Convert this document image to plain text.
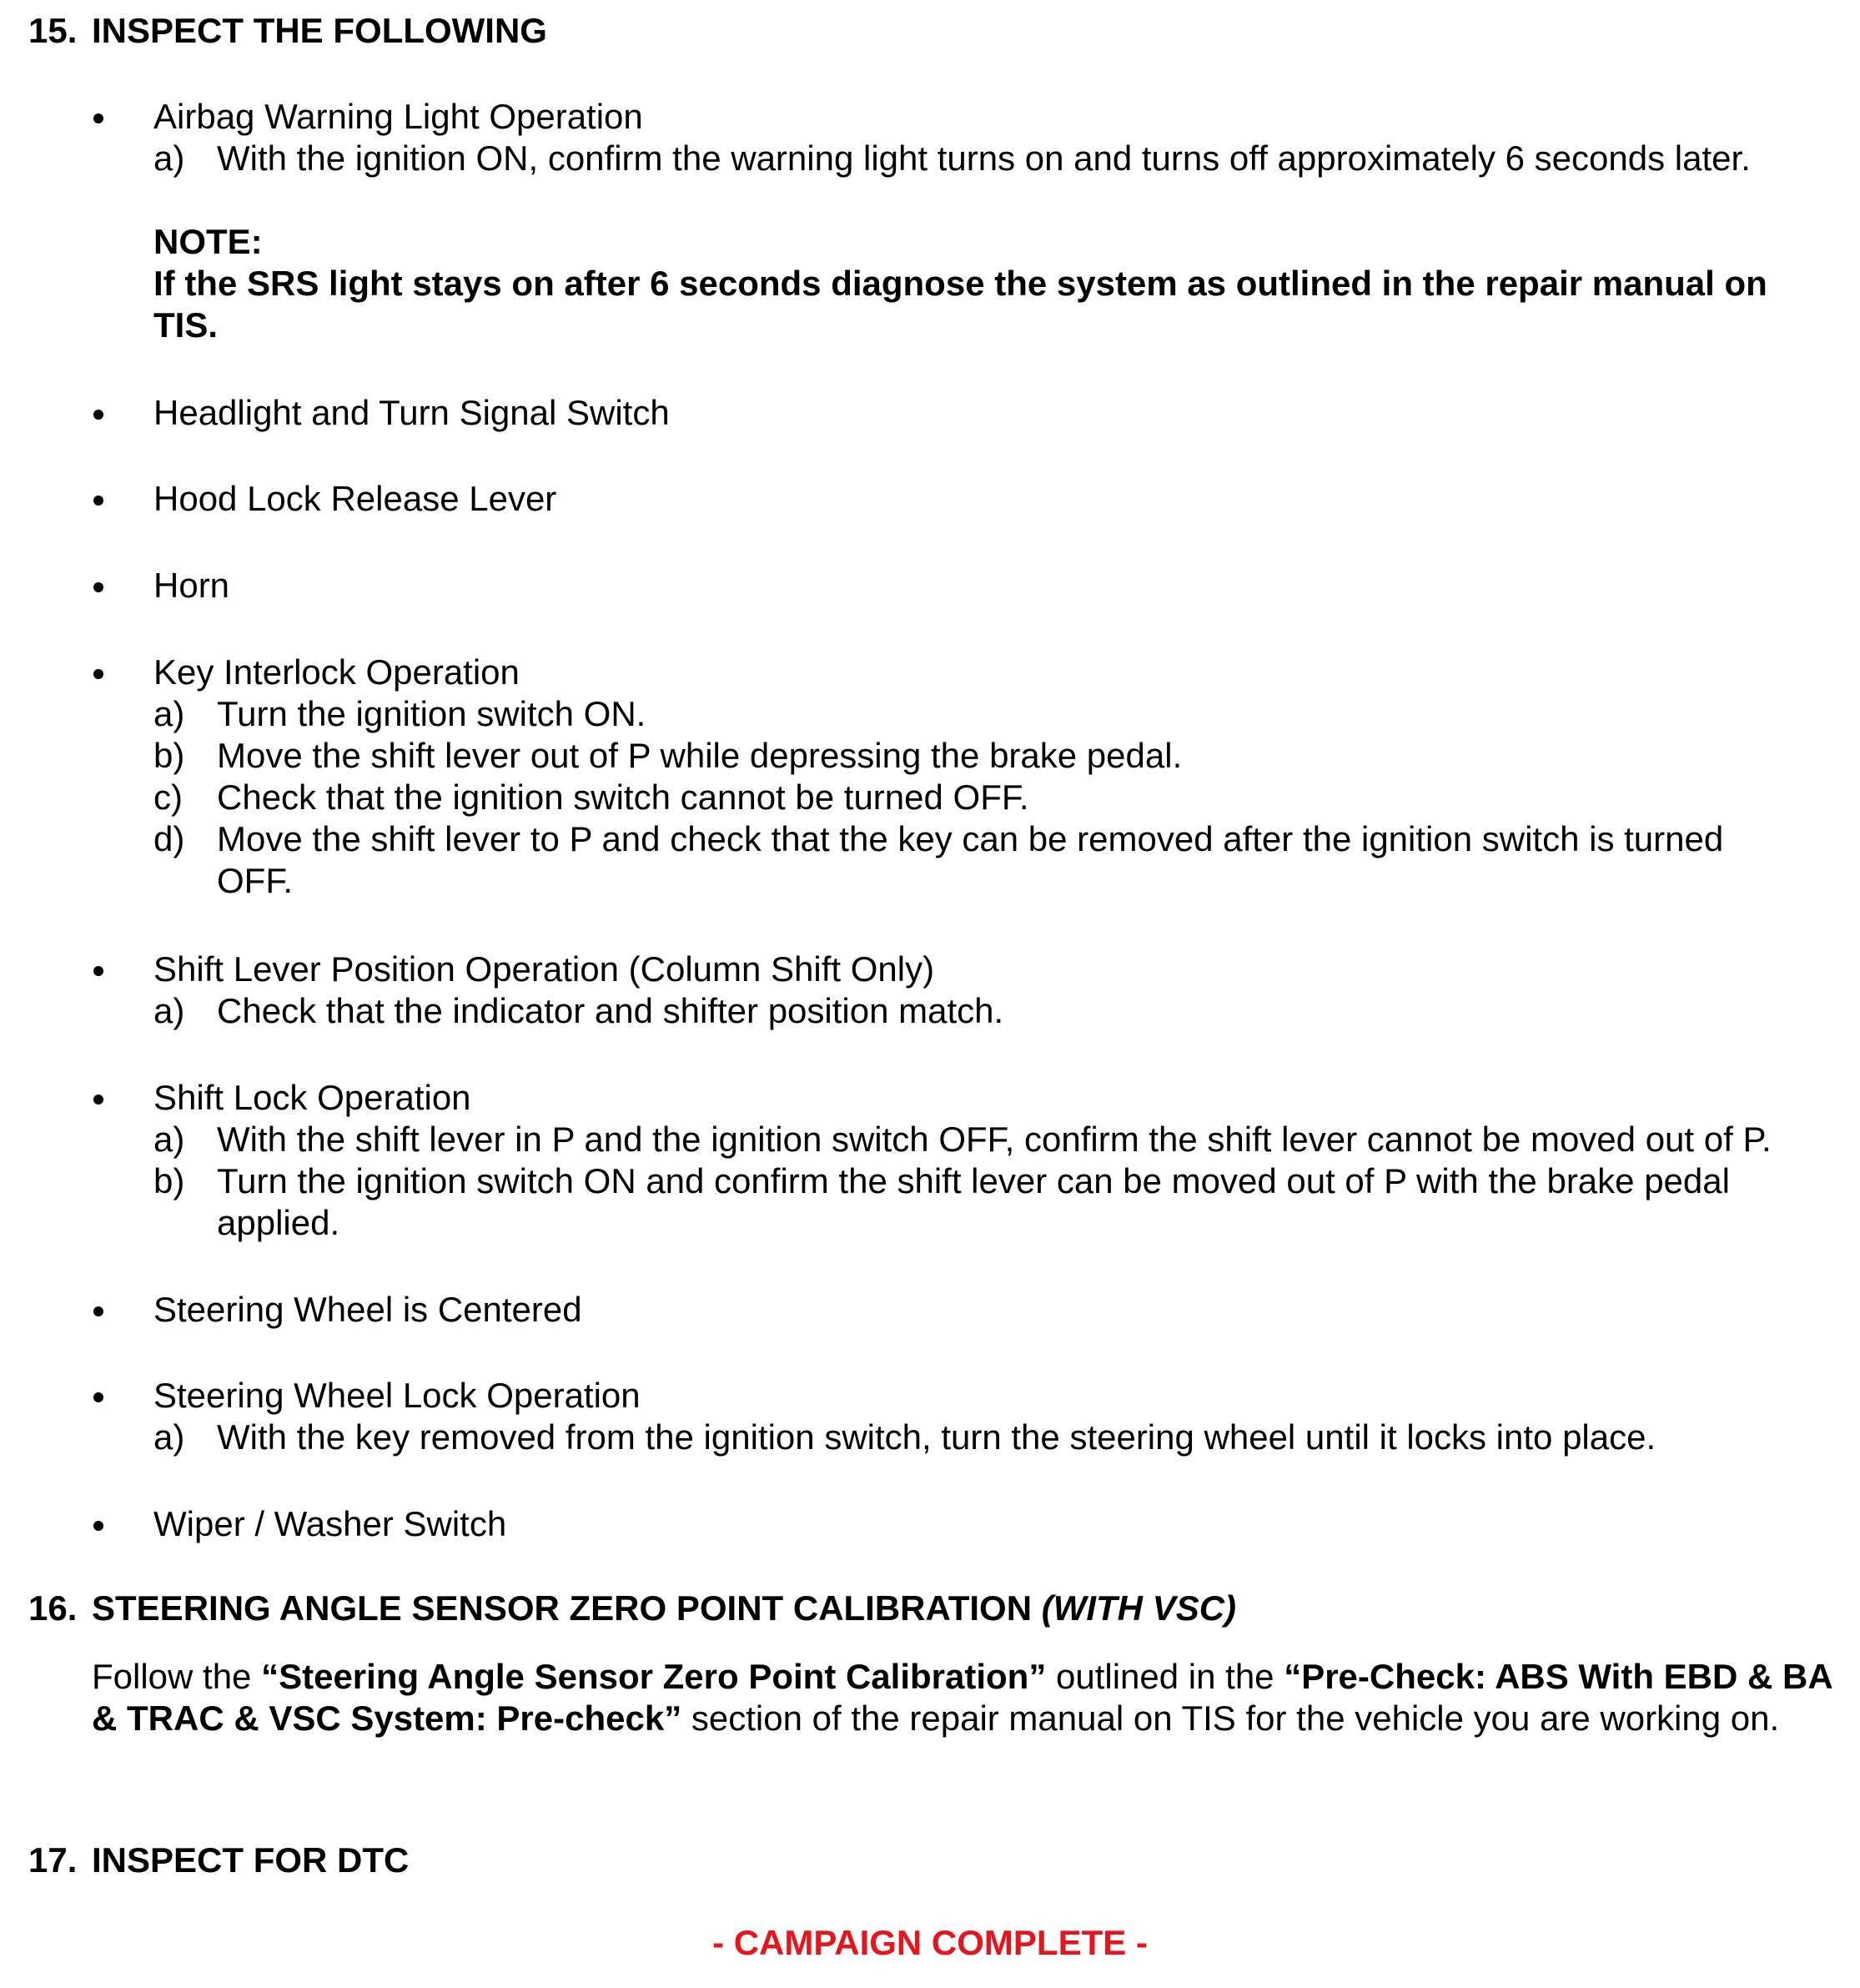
15. INSPECT THE FOLLOWING
Airbag Warning Light Operation
a) With the ignition ON, confirm the warning light turns on and turns off approximately 6 seconds later.
NOTE:
If the SRS light stays on after 6 seconds diagnose the system as outlined in the repair manual on
TIS.
Headlight and Turn Signal Switch
Hood Lock Release Lever
Horn
Key Interlock Operation
a) Turn the ignition switch ON.
b) Move the shift lever out of P while depressing the brake pedal.
c) Check that the ignition switch cannot be turned OFF.
d) Move the shift lever to P and check that the key can be removed after the ignition switch is turned
OFF.
Shift Lever Position Operation (Column Shift Only)
a) Check that the indicator and shifter position match.
Shift Lock Operation
a) With the shift lever in P and the ignition switch OFF, confirm the shift lever cannot be moved out of P.
b) Turn the ignition switch ON and confirm the shift lever can be moved out of P with the brake pedal
applied.
Steering Wheel is Centered
Steering Wheel Lock Operation
a) With the key removed from the ignition switch, turn the steering wheel until it locks into place.
Wiper / Washer Switch
16. STEERING ANGLE SENSOR ZERO POINT CALIBRATION (WITH VSC)
Follow the “Steering Angle Sensor Zero Point Calibration” outlined in the “Pre-Check: ABS With EBD & BA & TRAC & VSC System: Pre-check” section of the repair manual on TIS for the vehicle you are working on.
17. INSPECT FOR DTC
- CAMPAIGN COMPLETE -
